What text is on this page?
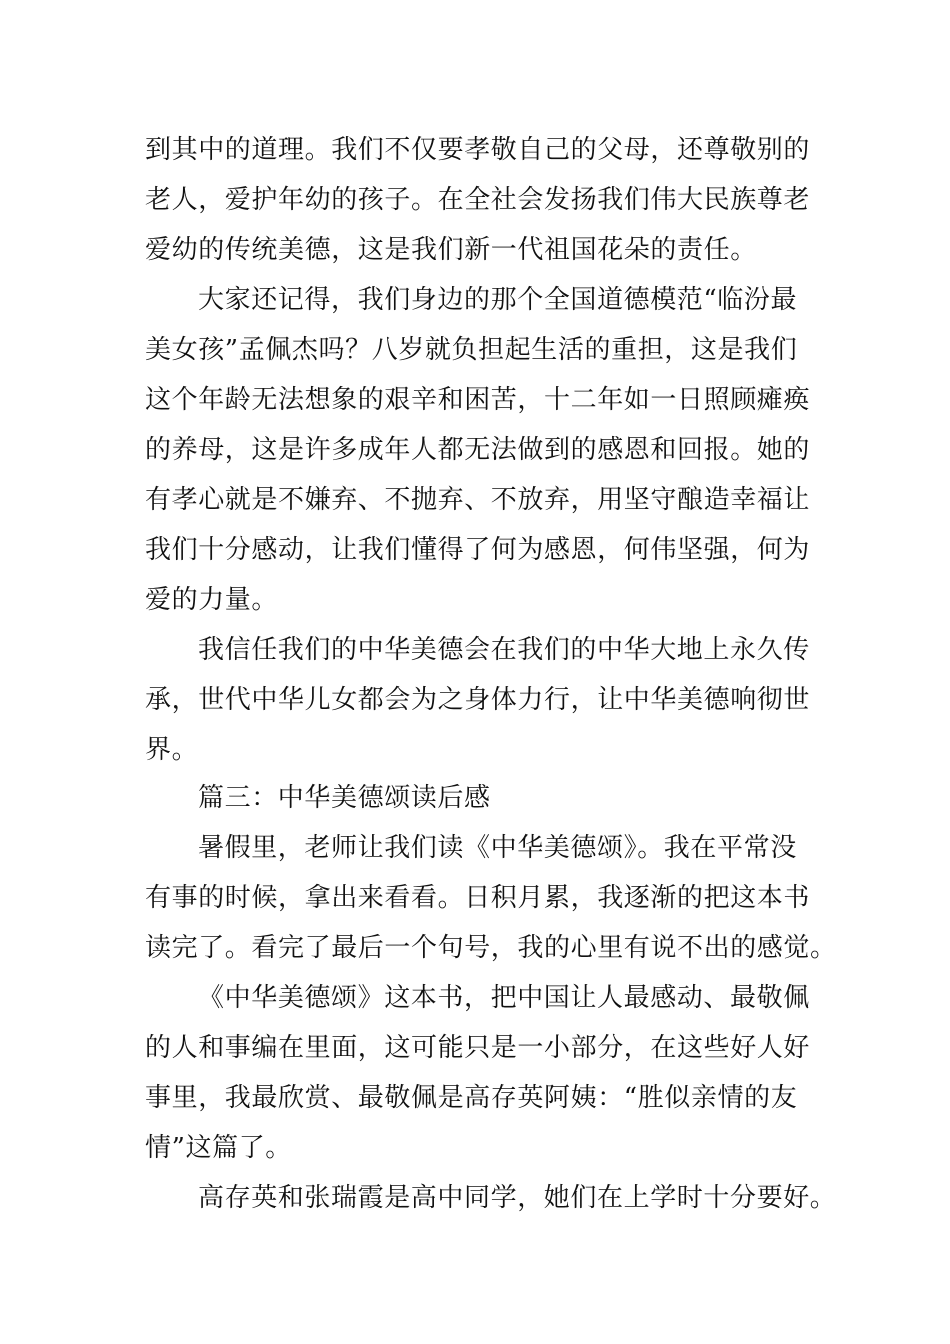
到其中的道理。我们不仅要孝敬自己的父母，还尊敬别的
老人，爱护年幼的孩子。在全社会发扬我们伟大民族尊老
爱幼的传统美德，这是我们新一代祖国花朵的责任。
大家还记得，我们身边的那个全国道德模范“临汾最
美女孩”孟佩杰吗？八岁就负担起生活的重担，这是我们
这个年龄无法想象的艰辛和困苦，十二年如一日照顾瘫痪
的养母，这是许多成年人都无法做到的感恩和回报。她的
有孝心就是不嫌弃、不抛弃、不放弃，用坚守酿造幸福让
我们十分感动，让我们懂得了何为感恩，何伟坚强，何为
爱的力量。
我信任我们的中华美德会在我们的中华大地上永久传
承，世代中华儿女都会为之身体力行，让中华美德响彻世
界。
篇三：中华美德颂读后感
暑假里，老师让我们读《中华美德颂》。我在平常没
有事的时候，拿出来看看。日积月累，我逐渐的把这本书
读完了。看完了最后一个句号，我的心里有说不出的感觉。
《中华美德颂》这本书，把中国让人最感动、最敬佩
的人和事编在里面，这可能只是一小部分，在这些好人好
事里，我最欣赏、最敬佩是高存英阿姨：“胜似亲情的友
情”这篇了。
高存英和张瑞霞是高中同学，她们在上学时十分要好。
